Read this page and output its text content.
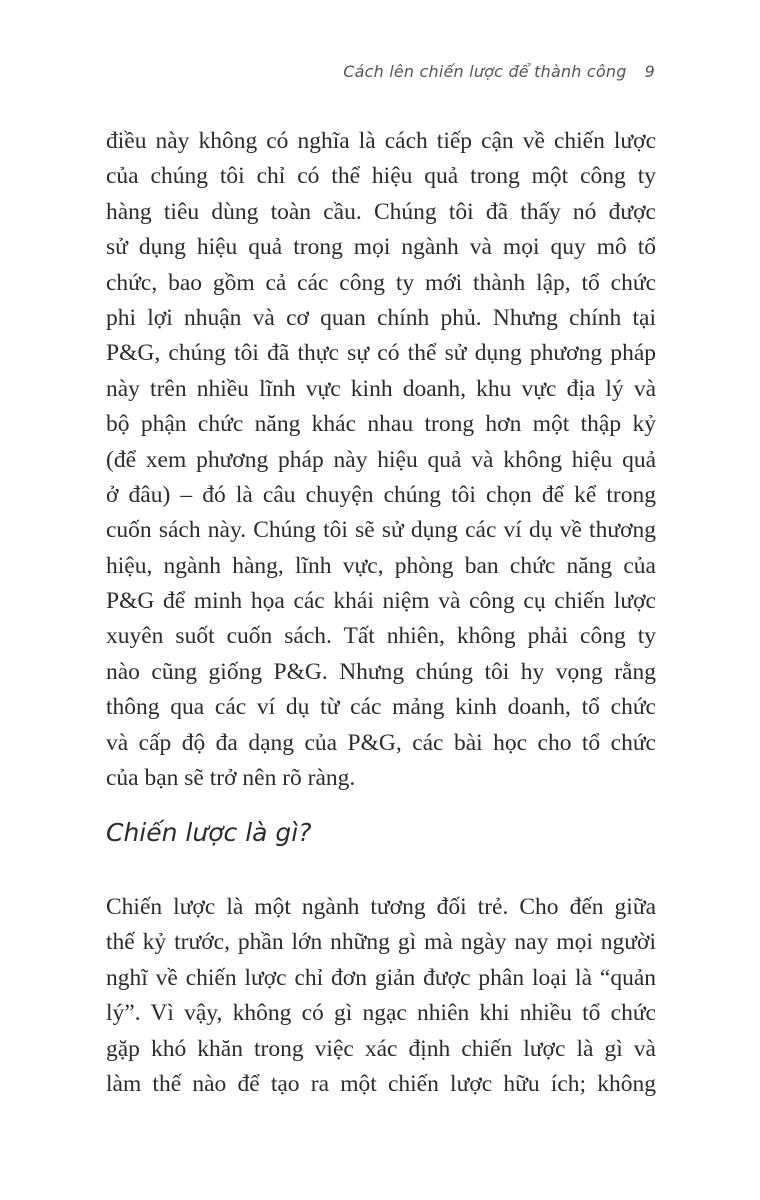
Cách lên chiến lược để thành công 9
điều này không có nghĩa là cách tiếp cận về chiến lược
của chúng tôi chỉ có thể hiệu quả trong một công ty
hàng tiêu dùng toàn cầu. Chúng tôi đã thấy nó được
sử dụng hiệu quả trong mọi ngành và mọi quy mô tổ
chức, bao gồm cả các công ty mới thành lập, tổ chức
phi lợi nhuận và cơ quan chính phủ. Nhưng chính tại
P&G, chúng tôi đã thực sự có thể sử dụng phương pháp
này trên nhiều lĩnh vực kinh doanh, khu vực địa lý và
bộ phận chức năng khác nhau trong hơn một thập kỷ
(để xem phương pháp này hiệu quả và không hiệu quả
ở đâu) – đó là câu chuyện chúng tôi chọn để kể trong
cuốn sách này. Chúng tôi sẽ sử dụng các ví dụ về thương
hiệu, ngành hàng, lĩnh vực, phòng ban chức năng của
P&G để minh họa các khái niệm và công cụ chiến lược
xuyên suốt cuốn sách. Tất nhiên, không phải công ty
nào cũng giống P&G. Nhưng chúng tôi hy vọng rằng
thông qua các ví dụ từ các mảng kinh doanh, tổ chức
và cấp độ đa dạng của P&G, các bài học cho tổ chức
của bạn sẽ trở nên rõ ràng.
Chiến lược là gì?
Chiến lược là một ngành tương đối trẻ. Cho đến giữa
thế kỷ trước, phần lớn những gì mà ngày nay mọi người
nghĩ về chiến lược chỉ đơn giản được phân loại là “quản
lý”. Vì vậy, không có gì ngạc nhiên khi nhiều tổ chức
gặp khó khăn trong việc xác định chiến lược là gì và
làm thế nào để tạo ra một chiến lược hữu ích; không
